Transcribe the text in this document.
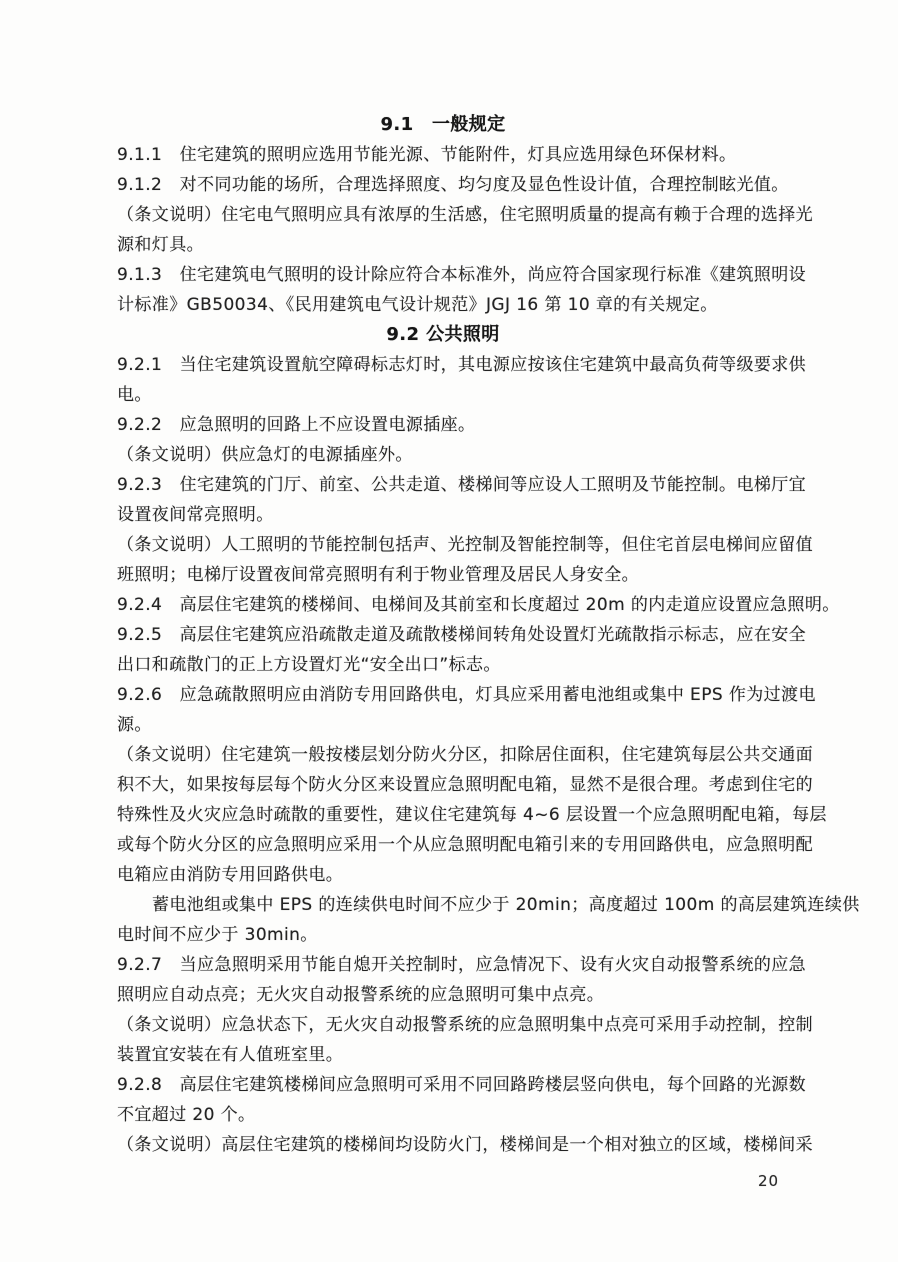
9.1　一般规定
9.1.1　住宅建筑的照明应选用节能光源、节能附件，灯具应选用绿色环保材料。
9.1.2　对不同功能的场所，合理选择照度、均匀度及显色性设计值，合理控制眩光值。
（条文说明）住宅电气照明应具有浓厚的生活感，住宅照明质量的提高有赖于合理的选择光
源和灯具。
9.1.3　住宅建筑电气照明的设计除应符合本标准外，尚应符合国家现行标准《建筑照明设
计标准》GB50034、《民用建筑电气设计规范》JGJ 16 第 10 章的有关规定。
9.2 公共照明
9.2.1　当住宅建筑设置航空障碍标志灯时，其电源应按该住宅建筑中最高负荷等级要求供
电。
9.2.2　应急照明的回路上不应设置电源插座。
（条文说明）供应急灯的电源插座外。
9.2.3　住宅建筑的门厅、前室、公共走道、楼梯间等应设人工照明及节能控制。电梯厅宜
设置夜间常亮照明。
（条文说明）人工照明的节能控制包括声、光控制及智能控制等，但住宅首层电梯间应留值
班照明；电梯厅设置夜间常亮照明有利于物业管理及居民人身安全。
9.2.4　高层住宅建筑的楼梯间、电梯间及其前室和长度超过 20m 的内走道应设置应急照明。
9.2.5　高层住宅建筑应沿疏散走道及疏散楼梯间转角处设置灯光疏散指示标志，应在安全
出口和疏散门的正上方设置灯光“安全出口”标志。
9.2.6　应急疏散照明应由消防专用回路供电，灯具应采用蓄电池组或集中 EPS 作为过渡电
源。
（条文说明）住宅建筑一般按楼层划分防火分区，扣除居住面积，住宅建筑每层公共交通面
积不大，如果按每层每个防火分区来设置应急照明配电箱，显然不是很合理。考虑到住宅的
特殊性及火灾应急时疏散的重要性，建议住宅建筑每 4~6 层设置一个应急照明配电箱，每层
或每个防火分区的应急照明应采用一个从应急照明配电箱引来的专用回路供电，应急照明配
电箱应由消防专用回路供电。
蓄电池组或集中 EPS 的连续供电时间不应少于 20min；高度超过 100m 的高层建筑连续供
电时间不应少于 30min。
9.2.7　当应急照明采用节能自熄开关控制时，应急情况下、设有火灾自动报警系统的应急
照明应自动点亮；无火灾自动报警系统的应急照明可集中点亮。
（条文说明）应急状态下，无火灾自动报警系统的应急照明集中点亮可采用手动控制，控制
装置宜安装在有人值班室里。
9.2.8　高层住宅建筑楼梯间应急照明可采用不同回路跨楼层竖向供电，每个回路的光源数
不宜超过 20 个。
（条文说明）高层住宅建筑的楼梯间均设防火门，楼梯间是一个相对独立的区域，楼梯间采
20
